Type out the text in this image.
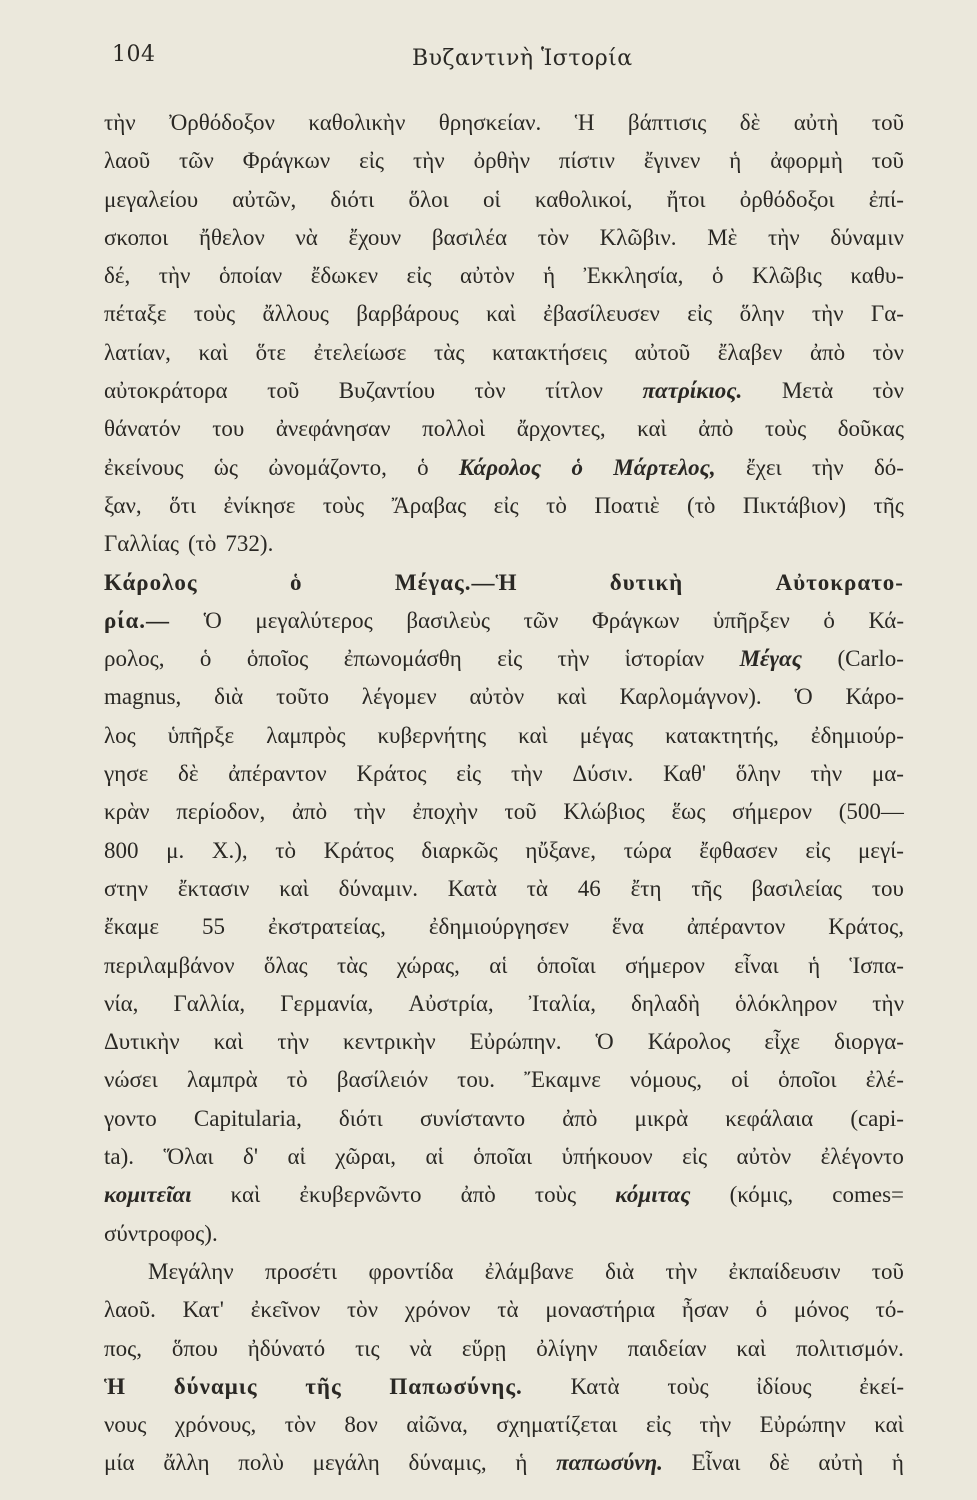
104	Βυζαντινὴ Ἱστορία
τὴν Ὀρθόδοξον καθολικὴν θρησκείαν. Ἡ βάπτισις δὲ αὐτὴ τοῦ
λαοῦ τῶν Φράγκων εἰς τὴν ὀρθὴν πίστιν ἔγινεν ἡ ἀφορμὴ τοῦ
μεγαλείου αὐτῶν, διότι ὅλοι οἱ καθολικοί, ἤτοι ὀρθόδοξοι ἐπί-
σκοποι ἤθελον νὰ ἔχουν βασιλέα τὸν Κλῶβιν. Μὲ τὴν δύναμιν
δέ, τὴν ὁποίαν ἔδωκεν εἰς αὐτὸν ἡ Ἐκκλησία, ὁ Κλῶβις καθυ-
πέταξε τοὺς ἄλλους βαρβάρους καὶ ἐβασίλευσεν εἰς ὅλην τὴν Γα-
λατίαν, καὶ ὅτε ἐτελείωσε τὰς κατακτήσεις αὐτοῦ ἔλαβεν ἀπὸ τὸν
αὐτοκράτορα τοῦ Βυζαντίου τὸν τίτλον πατρίκιος. Μετὰ τὸν
θάνατόν του ἀνεφάνησαν πολλοὶ ἄρχοντες, καὶ ἀπὸ τοὺς δοῦκας
ἐκείνους ὡς ὠνομάζοντο, ὁ Κάρολος ὁ Μάρτελος, ἔχει τὴν δό-
ξαν, ὅτι ἐνίκησε τοὺς Ἄραβας εἰς τὸ Ποατιὲ (τὸ Πικτάβιον) τῆς
Γαλλίας (τὸ 732).
Κάρολος	ὁ	Μέγας.—Ἡ	δυτικὴ	Αὐτοκρατο-
ρία.— Ὁ μεγαλύτερος βασιλεὺς τῶν Φράγκων ὑπῆρξεν ὁ Κά-
ρολος, ὁ ὁποῖος ἐπωνομάσθη εἰς τὴν ἱστορίαν Μέγας (Carlo-
magnus, διὰ τοῦτο λέγομεν αὐτὸν καὶ Καρλομάγνον). Ὁ Κάρο-
λος ὑπῆρξε λαμπρὸς κυβερνήτης καὶ μέγας κατακτητής, ἐδημιούρ-
γησε δὲ ἀπέραντον Κράτος εἰς τὴν Δύσιν. Καθ' ὅλην τὴν μα-
κρὰν περίοδον, ἀπὸ τὴν ἐποχὴν τοῦ Κλώβιος ἕως σήμερον (500—
800 μ. Χ.), τὸ Κράτος διαρκῶς ηὔξανε, τώρα ἔφθασεν εἰς μεγί-
στην ἔκτασιν καὶ δύναμιν. Κατὰ τὰ 46 ἔτη τῆς βασιλείας του
ἔκαμε 55 ἐκστρατείας, ἐδημιούργησεν ἕνα ἀπέραντον Κράτος,
περιλαμβάνον ὅλας τὰς χώρας, αἱ ὁποῖαι σήμερον εἶναι ἡ Ἱσπα-
νία, Γαλλία, Γερμανία, Αὐστρία, Ἰταλία, δηλαδὴ ὁλόκληρον τὴν
Δυτικὴν καὶ τὴν κεντρικὴν Εὐρώπην. Ὁ Κάρολος εἶχε διοργα-
νώσει λαμπρὰ τὸ βασίλειόν του. Ἔκαμνε νόμους, οἱ ὁποῖοι ἐλέ-
γοντο Capitularia, διότι συνίσταντο ἀπὸ μικρὰ κεφάλαια (capi-
ta). Ὅλαι δ' αἱ χῶραι, αἱ ὁποῖαι ὑπήκουον εἰς αὐτὸν ἐλέγοντο
κομιτεῖαι καὶ ἐκυβερνῶντο ἀπὸ τοὺς κόμιτας (κόμις, comes=
σύντροφος).
Μεγάλην προσέτι φροντίδα ἐλάμβανε διὰ τὴν ἐκπαίδευσιν τοῦ
λαοῦ. Κατ' ἐκεῖνον τὸν χρόνον τὰ μοναστήρια ἦσαν ὁ μόνος τό-
πος, ὅπου ἠδύνατό τις νὰ εὕρῃ ὀλίγην παιδείαν καὶ πολιτισμόν.
Ἡ δύναμις τῆς Παπωσύνης. Κατὰ τοὺς ἰδίους ἐκεί-
νους χρόνους, τὸν 8ον αἰῶνα, σχηματίζεται εἰς τὴν Εὐρώπην καὶ
μία ἄλλη πολὺ μεγάλη δύναμις, ἡ παπωσύνη. Εἶναι δὲ αὐτὴ ἡ
